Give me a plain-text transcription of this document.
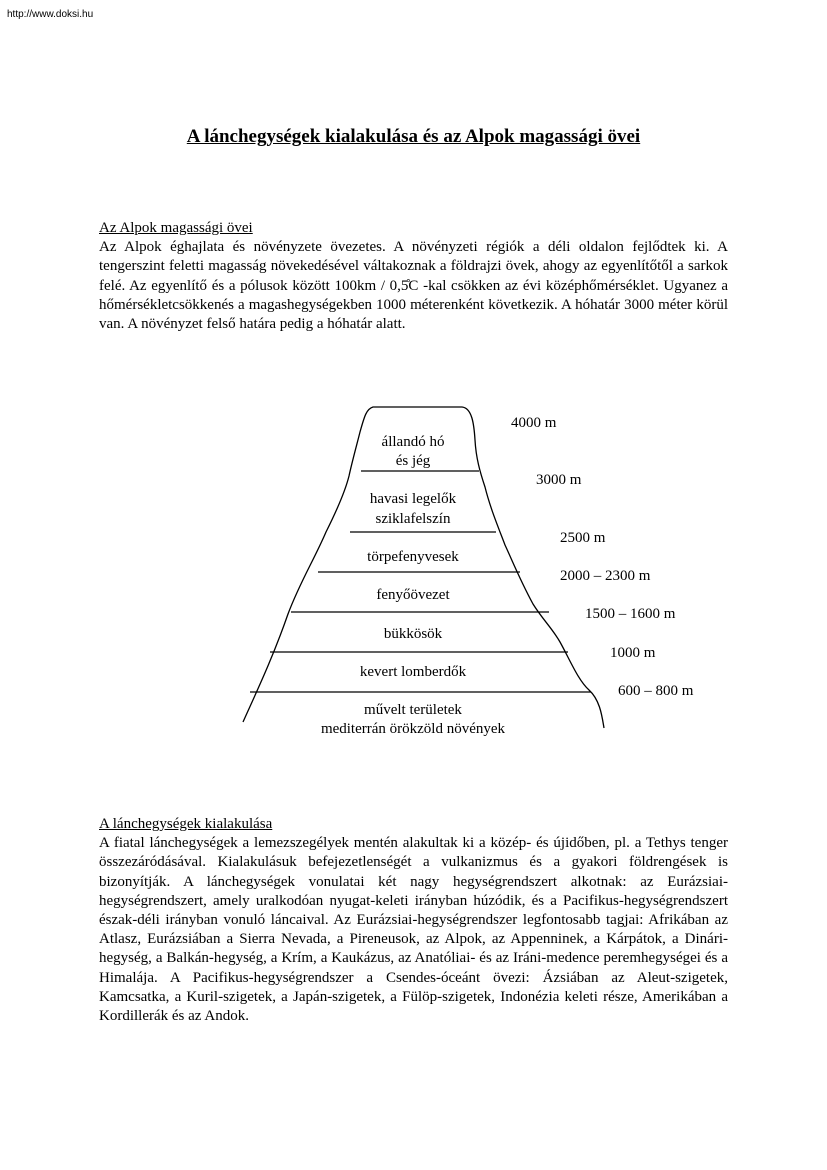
http://www.doksi.hu
A lánchegységek kialakulása és az Alpok magassági övei
Az Alpok magassági övei

Az Alpok éghajlata és növényzete övezetes. A növényzeti régiók a déli oldalon fejlődtek ki. A tengerszint feletti magasság növekedésével váltakoznak a földrajzi övek, ahogy az egyenlítőtől a sarkok felé. Az egyenlítő és a pólusok között 100km / 0,5̊C -kal csökken az évi középhőmérséklet. Ugyanez a hőmérsékletcsökkenés a magashegységekben 1000 méterenként következik. A hóhatár 3000 méter körül van. A növényzet felső határa pedig a hóhatár alatt.

állandó hó
és jég
havasi legelők
sziklafelszín
törpefenyvesek
fenyőövezet
bükkösök
kevert lomberdők
művelt területek
mediterrán örökzöld növények
4000 m
3000 m
2500 m
2000 – 2300 m
1500 – 1600 m
1000 m
600 – 800 m
A lánchegységek kialakulása

A fiatal lánchegységek a lemezszegélyek mentén alakultak ki a közép- és újidőben, pl. a Tethys tenger összezáródásával. Kialakulásuk befejezetlenségét a vulkanizmus és a gyakori földrengések is bizonyítják. A lánchegységek vonulatai két nagy hegységrendszert alkotnak: az Eurázsiai-hegységrendszert, amely uralkodóan nyugat-keleti irányban húzódik, és a Pacifikus-hegységrendszert észak-déli irányban vonuló láncaival. Az Eurázsiai-hegységrendszer legfontosabb tagjai: Afrikában az Atlasz, Eurázsiában a Sierra Nevada, a Pireneusok, az Alpok, az Appenninek, a Kárpátok, a Dinári-hegység, a Balkán-hegység, a Krím, a Kaukázus, az Anatóliai- és az Iráni-medence peremhegységei és a Himalája. A Pacifikus-hegységrendszer a Csendes-óceánt övezi: Ázsiában az Aleut-szigetek, Kamcsatka, a Kuril-szigetek, a Japán-szigetek, a Fülöp-szigetek, Indonézia keleti része, Amerikában a Kordillerák és az Andok.
